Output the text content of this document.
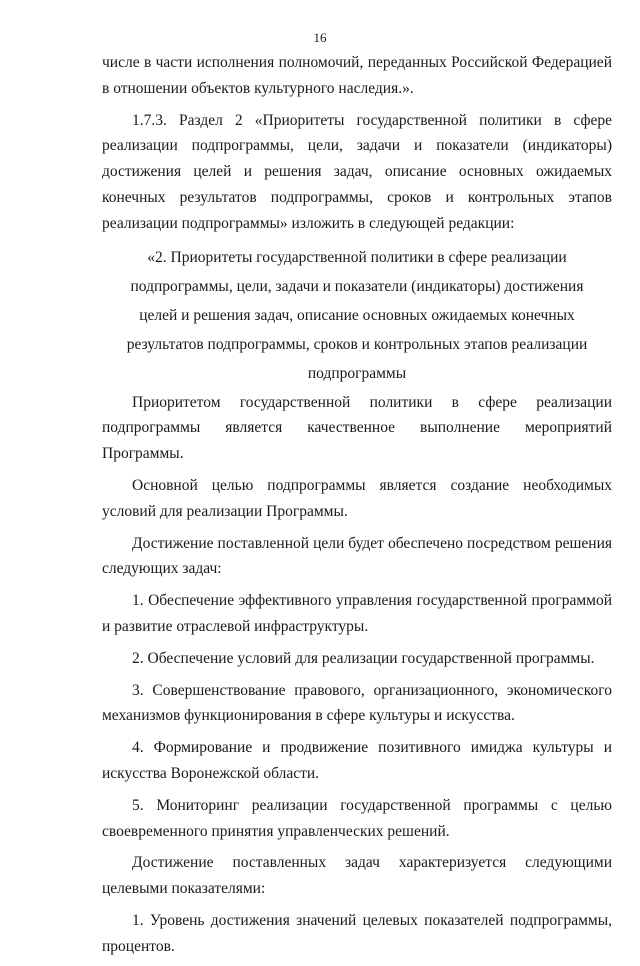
16

числе в части исполнения полномочий, переданных Российской Федерацией в отношении объектов культурного наследия.».

1.7.3. Раздел 2 «Приоритеты государственной политики в сфере реализации подпрограммы, цели, задачи и показатели (индикаторы) достижения целей и решения задач, описание основных ожидаемых конечных результатов подпрограммы, сроков и контрольных этапов реализации подпрограммы» изложить в следующей редакции:

«2. Приоритеты государственной политики в сфере реализации подпрограммы, цели, задачи и показатели (индикаторы) достижения целей и решения задач, описание основных ожидаемых конечных результатов подпрограммы, сроков и контрольных этапов реализации подпрограммы

Приоритетом государственной политики в сфере реализации подпрограммы является качественное выполнение мероприятий Программы.

Основной целью подпрограммы является создание необходимых условий для реализации Программы.

Достижение поставленной цели будет обеспечено посредством решения следующих задач:

1. Обеспечение эффективного управления государственной программой и развитие отраслевой инфраструктуры.

2. Обеспечение условий для реализации государственной программы.

3. Совершенствование правового, организационного, экономического механизмов функционирования в сфере культуры и искусства.

4. Формирование и продвижение позитивного имиджа культуры и искусства Воронежской области.

5. Мониторинг реализации государственной программы с целью своевременного принятия управленческих решений.

Достижение поставленных задач характеризуется следующими целевыми показателями:

1. Уровень достижения значений целевых показателей подпрограммы, процентов.
